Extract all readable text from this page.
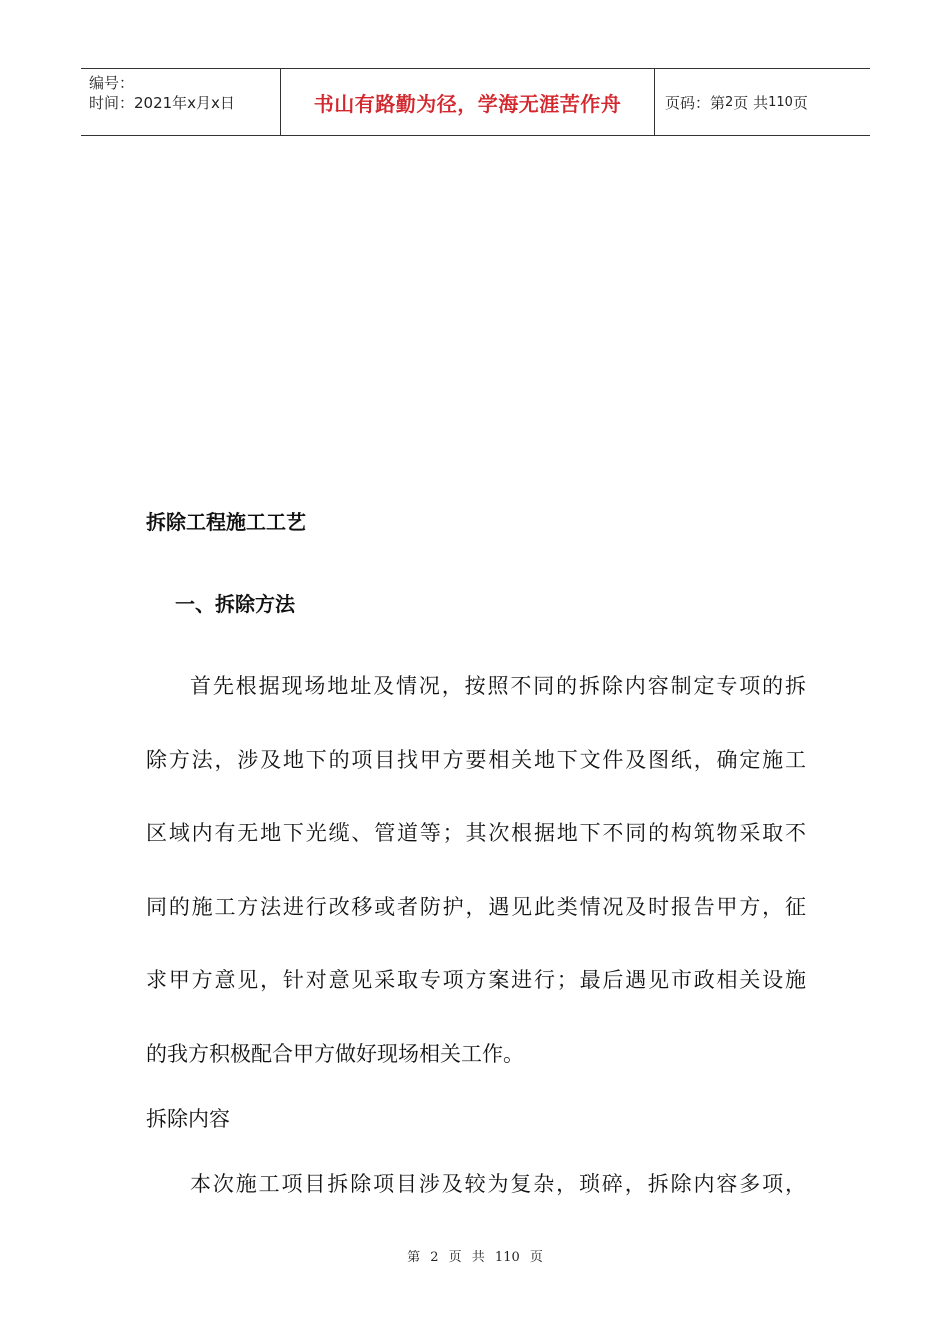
编号：
时间：2021年x月x日	书山有路勤为径，学海无涯苦作舟	页码：第 2 页 共 110 页
拆除工程施工工艺
一、拆除方法
首先根据现场地址及情况，按照不同的拆除内容制定专项的拆
除方法，涉及地下的项目找甲方要相关地下文件及图纸，确定施工
区域内有无地下光缆、管道等；其次根据地下不同的构筑物采取不
同的施工方法进行改移或者防护，遇见此类情况及时报告甲方，征
求甲方意见，针对意见采取专项方案进行；最后遇见市政相关设施
的我方积极配合甲方做好现场相关工作。
拆除内容
本次施工项目拆除项目涉及较为复杂，琐碎，拆除内容多项，
第 2 页 共 110 页
